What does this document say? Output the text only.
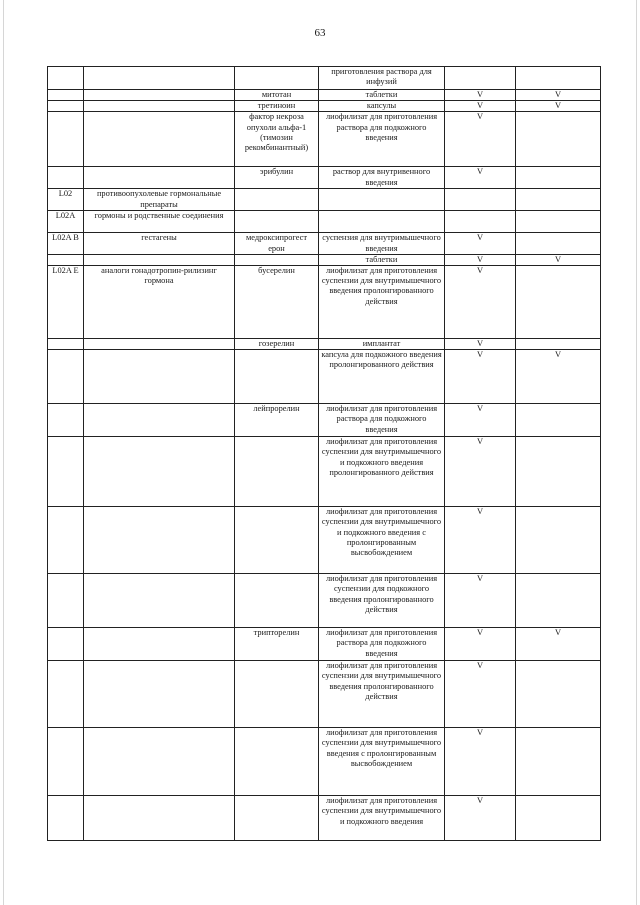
63
			приготовления раствора для инфузий		
		митотан	таблетки	V	V
		третиноин	капсулы	V	V
		фактор некроза опухоли альфа-1 (тимозин рекомбинантный)	лиофилизат для приготовления раствора для подкожного введения	V	
		эрибулин	раствор для внутривенного введения	V	
L02	противоопухолевые гормональные препараты				
L02A	гормоны и родственные соединения				
L02A B	гестагены	медроксипрогест ерон	суспензия для внутримышечного введения	V	
			таблетки	V	V
L02A E	аналоги гонадотропин-рилизинг гормона	бусерелин	лиофилизат для приготовления суспензии для внутримышечного введения пролонгированного действия	V	
		гозерелин	имплантат	V	
			капсула для подкожного введения пролонгированного действия	V	V
		лейпрорелин	лиофилизат для приготовления раствора для подкожного введения	V	
			лиофилизат для приготовления суспензии для внутримышечного и подкожного введения пролонгированного действия	V	
			лиофилизат для приготовления суспензии для внутримышечного и подкожного введения с пролонгированным высвобождением	V	
			лиофилизат для приготовления суспензии для подкожного введения пролонгированного действия	V	
		трипторелин	лиофилизат для приготовления раствора для подкожного введения	V	V
			лиофилизат для приготовления суспензии для внутримышечного введения пролонгированного действия	V	
			лиофилизат для приготовления суспензии для внутримышечного введения с пролонгированным высвобождением	V	
			лиофилизат для приготовления суспензии для внутримышечного и подкожного введения	V	
